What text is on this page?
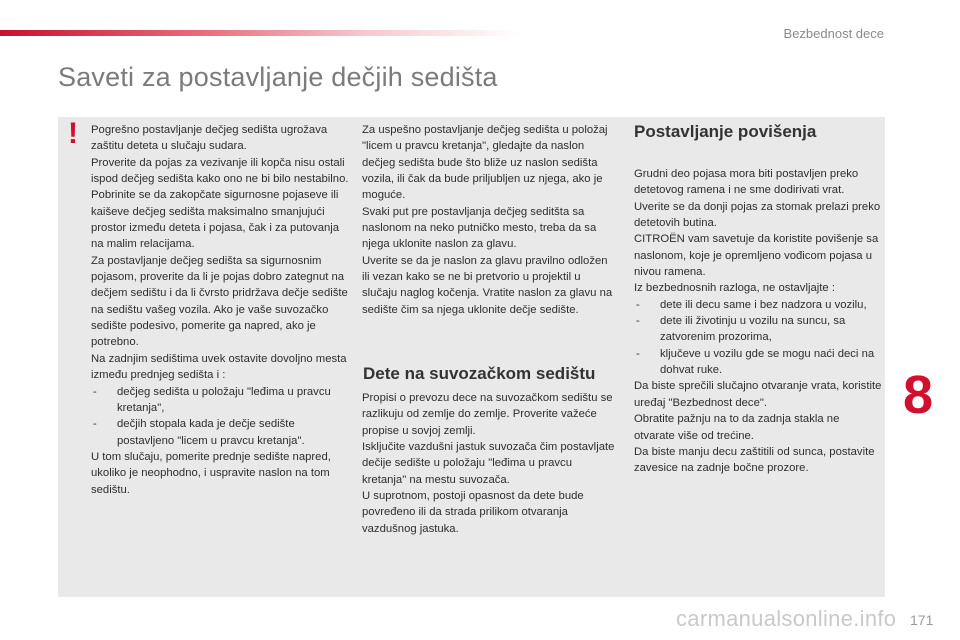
Bezbednost dece
Saveti za postavljanje dečjih sedišta
! Pogrešno postavljanje dečjeg sedišta ugrožava zaštitu deteta u slučaju sudara.

Proverite da pojas za vezivanje ili kopča nisu ostali ispod dečjeg sedišta kako ono ne bi bilo nestabilno.

Pobrinite se da zakopčate sigurnosne pojaseve ili kaiševe dečjeg sedišta maksimalno smanjujući prostor između deteta i pojasa, čak i za putovanja na malim relacijama.

Za postavljanje dečjeg sedišta sa sigurnosnim pojasom, proverite da li je pojas dobro zategnut na dečjem sedištu i da li čvrsto pridržava dečje sedište na sedištu vašeg vozila. Ako je vaše suvozačko sedište podesivo, pomerite ga napred, ako je potrebno.

Na zadnjim sedištima uvek ostavite dovoljno mesta između prednjeg sedišta i :

-	dečjeg sedišta u položaju "leđima u pravcu kretanja",
-	dečjih stopala kada je dečje sedište postavljeno "licem u pravcu kretanja".

U tom slučaju, pomerite prednje sedište napred, ukoliko je neophodno, i uspravite naslon na tom sedištu.

Za uspešno postavljanje dečjeg sedišta u položaj "licem u pravcu kretanja", gledajte da naslon dečjeg sedišta bude što bliže uz naslon sedišta vozila, ili čak da bude priljubljen uz njega, ako je moguće.

Svaki put pre postavljanja dečjeg seditšta sa naslonom na neko putničko mesto, treba da sa njega uklonite naslon za glavu.

Uverite se da je naslon za glavu pravilno odložen ili vezan kako se ne bi pretvorio u projektil u slučaju naglog kočenja. Vratite naslon za glavu na sedište čim sa njega uklonite dečje sedište.

Dete na suvozačkom sedištu

Propisi o prevozu dece na suvozačkom sedištu se razlikuju od zemlje do zemlje. Proverite važeće propise u sovjoj zemlji.

Isključite vazdušni jastuk suvozača čim postavljate dečije sedište u položaju "leđima u pravcu kretanja" na mestu suvozača.

U suprotnom, postoji opasnost da dete bude povređeno ili da strada prilikom otvaranja vazdušnog jastuka.

Postavljanje povišenja

Grudni deo pojasa mora biti postavljen preko detetovog ramena i ne sme dodirivati vrat.

Uverite se da donji pojas za stomak prelazi preko detetovih butina.

CITROËN vam savetuje da koristite povišenje sa naslonom, koje je opremljeno vođicom pojasa u nivou ramena.

Iz bezbednosnih razloga, ne ostavljajte :

-	dete ili decu same i bez nadzora u vozilu,
-	dete ili životinju u vozilu na suncu, sa zatvorenim prozorima,
-	ključeve u vozilu gde se mogu naći deci na dohvat ruke.

Da biste sprečili slučajno otvaranje vrata, koristite uređaj "Bezbednost dece".

Obratite pažnju na to da zadnja stakla ne otvarate više od trećine.

Da biste manju decu zaštitili od sunca, postavite zavesice na zadnje bočne prozore.

8
carmanualsonline.info 171
